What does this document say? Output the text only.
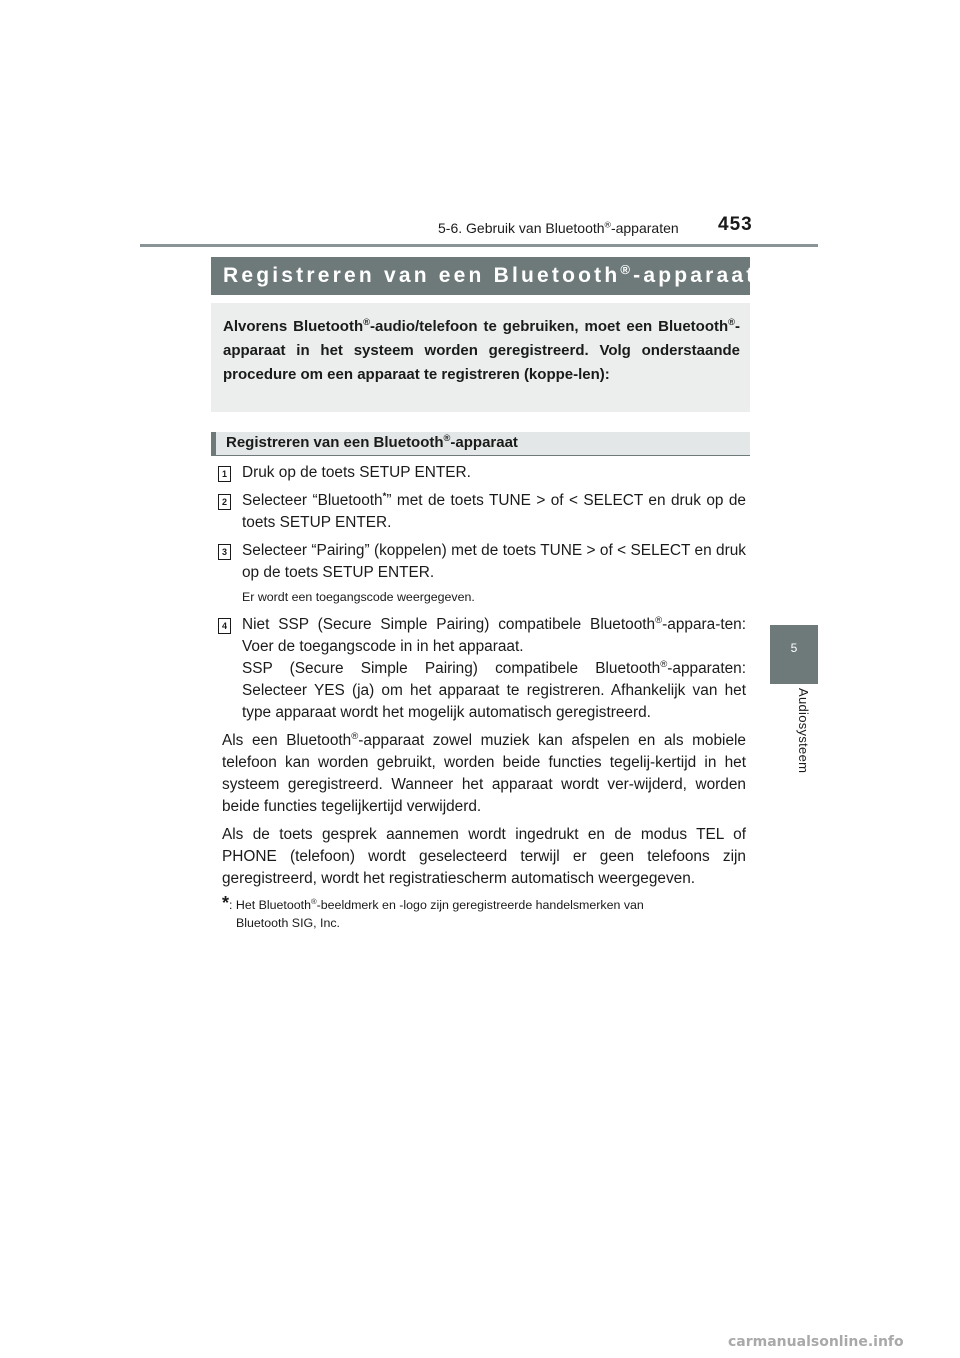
453
5-6. Gebruik van Bluetooth®-apparaten
5
Audiosysteem
Registreren van een Bluetooth®-apparaat
Alvorens Bluetooth®-audio/telefoon te gebruiken, moet een Bluetooth®-apparaat in het systeem worden geregistreerd. Volg onderstaande procedure om een apparaat te registreren (koppe-len):
Registreren van een Bluetooth®-apparaat
1 Druk op de toets SETUP ENTER.
2 Selecteer “Bluetooth*” met de toets TUNE > of < SELECT en druk op de toets SETUP ENTER.
3 Selecteer “Pairing” (koppelen) met de toets TUNE > of < SELECT en druk op de toets SETUP ENTER.
Er wordt een toegangscode weergegeven.
4 Niet SSP (Secure Simple Pairing) compatibele Bluetooth®-appara-ten: Voer de toegangscode in in het apparaat.
SSP (Secure Simple Pairing) compatibele Bluetooth®-apparaten: Selecteer YES (ja) om het apparaat te registreren. Afhankelijk van het type apparaat wordt het mogelijk automatisch geregistreerd.
Als een Bluetooth®-apparaat zowel muziek kan afspelen en als mobiele telefoon kan worden gebruikt, worden beide functies tegelij-kertijd in het systeem geregistreerd. Wanneer het apparaat wordt ver-wijderd, worden beide functies tegelijkertijd verwijderd.
Als de toets gesprek aannemen wordt ingedrukt en de modus TEL of PHONE (telefoon) wordt geselecteerd terwijl er geen telefoons zijn geregistreerd, wordt het registratiescherm automatisch weergegeven.
*: Het Bluetooth®-beeldmerk en -logo zijn geregistreerde handelsmerken van
Bluetooth SIG, Inc.
carmanualsonline.info
